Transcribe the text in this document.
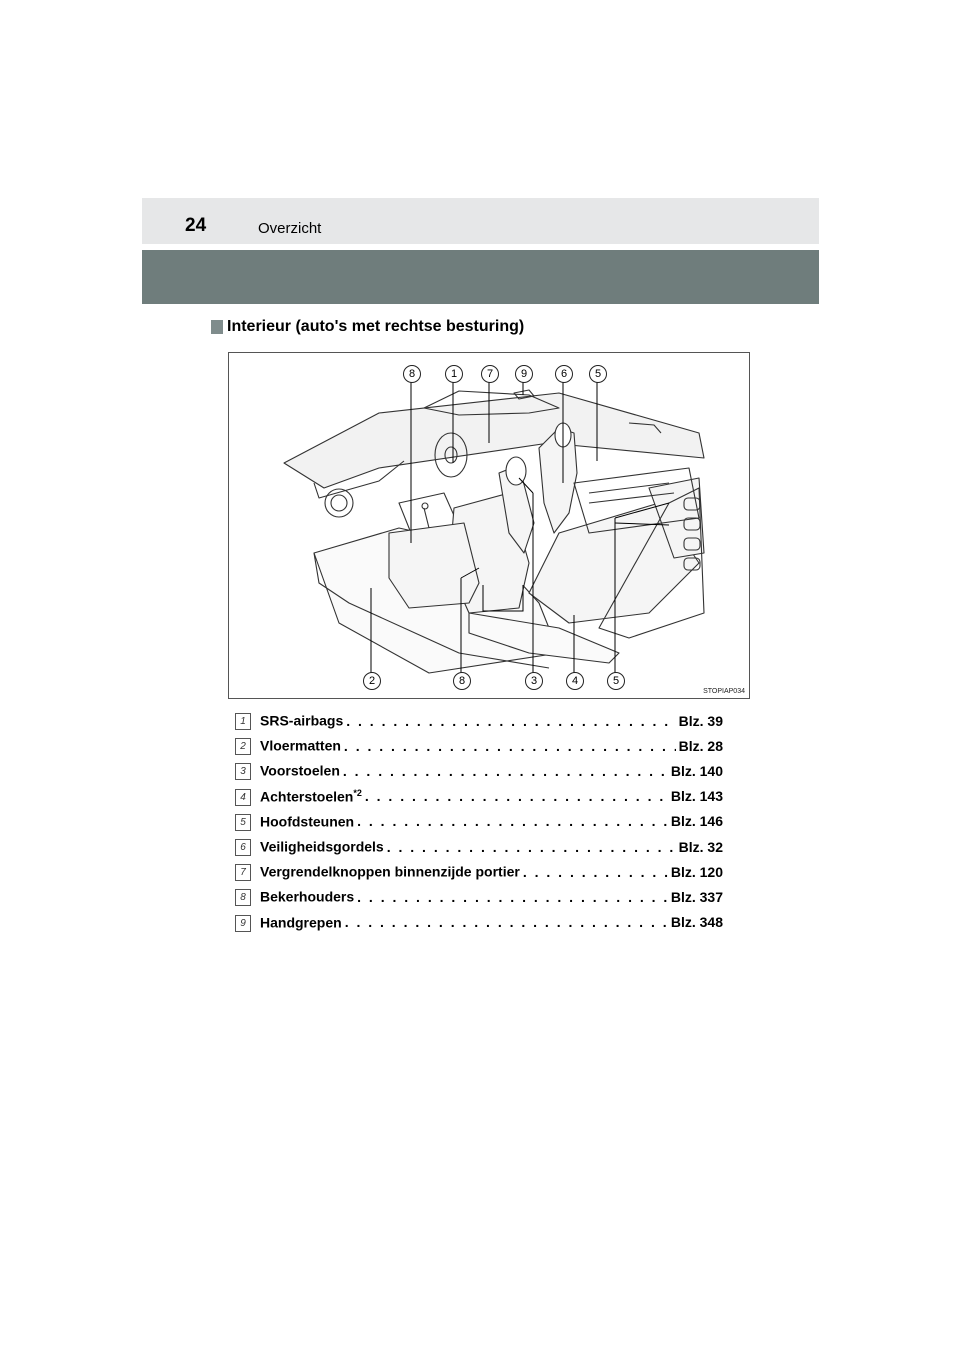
24	Overzicht
Interieur (auto's met rechtse besturing)
8	1	7	9	6	5
2	8	3	4	5
STOPIAP034
1	SRS-airbags . . .	Blz. 39
2	Vloermatten . . .	Blz. 28
3	Voorstoelen . . .	Blz. 140
4	Achterstoelen$^{*2}$ . . .	Blz. 143
5	Hoofdsteunen . . .	Blz. 146
6	Veiligheidsgordels . . .	Blz. 32
7	Vergrendelknoppen binnenzijde portier . . .	Blz. 120
8	Bekerhouders . . .	Blz. 337
9	Handgrepen . . .	Blz. 348
